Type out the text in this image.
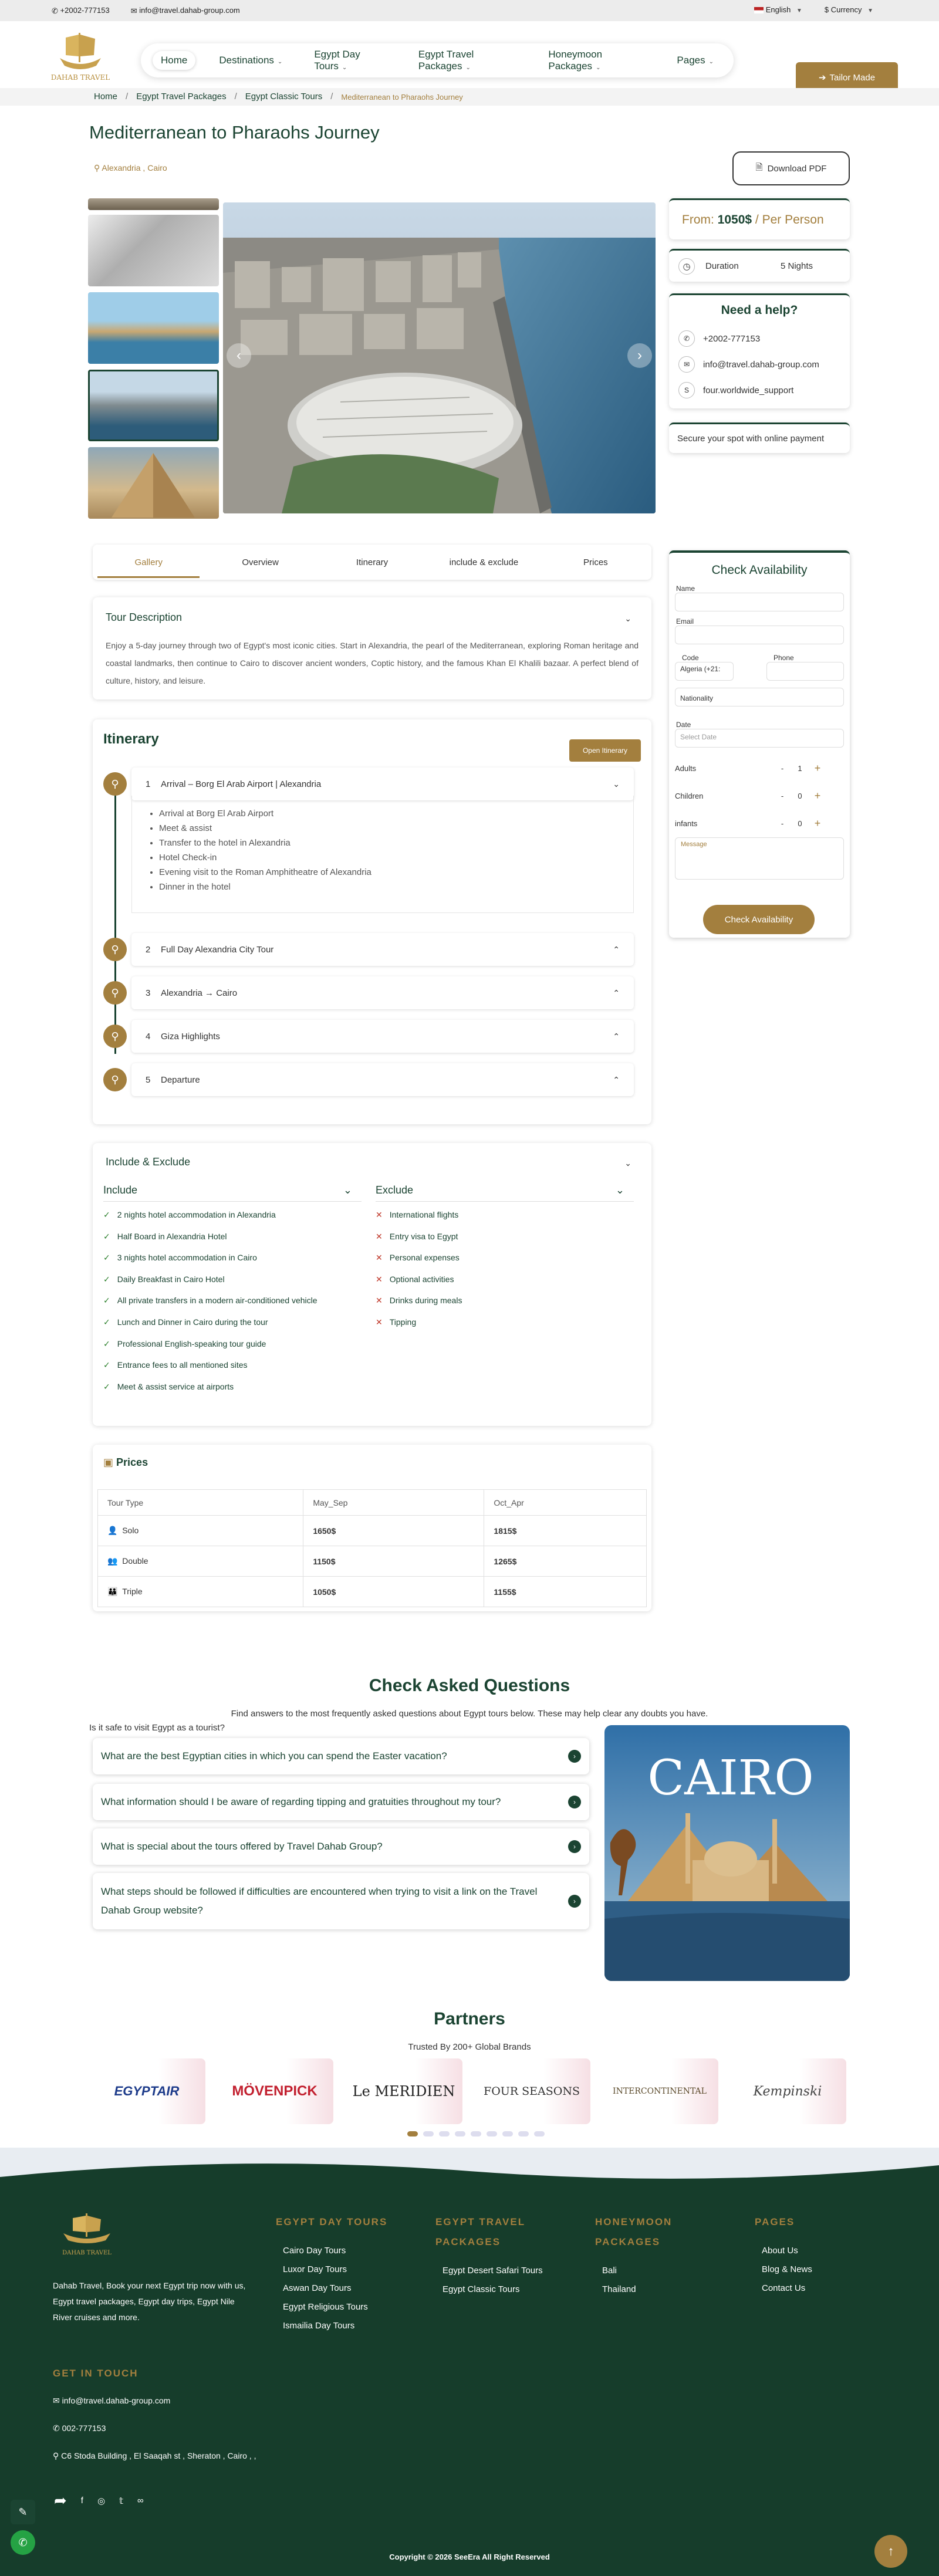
✆ +2002-777153	✉ info@travel.dahab-group.com	English ▼	$ Currency ▼
DAHAB TRAVEL
Home	Destinations ⌄
Egypt Day Tours ⌄
Egypt Travel Packages ⌄
Honeymoon Packages ⌄
Pages ⌄
➔ Tailor Made
Home / Egypt Travel Packages / Egypt Classic Tours / Mediterranean to Pharaohs Journey
Mediterranean to Pharaohs Journey
⚲ Alexandria , Cairo	🗎 Download PDF
‹	›
From:
1050$
/ Per Person
◷	Duration	5 Nights
Need a help?
✆	+2002-777153
✉	info@travel.dahab-group.com
S	four.worldwide_support
Secure your spot with online payment
Gallery	Overview	Itinerary	include & exclude	Prices
Check Availability
Name
Email
Code
Algeria (+21:
Phone
Nationality
Date
Select Date
Adults	-	1	+
Children	-	0	+
infants	-	0	+
Message
Check Availability
Tour Description	⌄

Enjoy a 5-day journey through two of Egypt's most iconic cities. Start in Alexandria, the pearl of the Mediterranean, exploring Roman heritage and coastal landmarks, then continue to Cairo to discover ancient wonders, Coptic history, and the famous Khan El Khalili bazaar. A perfect blend of culture, history, and leisure.

Itinerary
Open Itinerary
⚲	1	Arrival – Borg El Arab Airport | Alexandria	⌄
• Arrival at Borg El Arab Airport
• Meet & assist
• Transfer to the hotel in Alexandria
• Hotel Check-in
• Evening visit to the Roman Amphitheatre of Alexandria
• Dinner in the hotel
⚲	2	Full Day Alexandria City Tour	⌃
⚲	3	Alexandria → Cairo	⌃
⚲	4	Giza Highlights	⌃
⚲	5	Departure	⌃
Include & Exclude	⌄
Include	⌄
✓ 2 nights hotel accommodation in Alexandria
✓ Half Board in Alexandria Hotel
✓ 3 nights hotel accommodation in Cairo
✓ Daily Breakfast in Cairo Hotel
✓ All private transfers in a modern air-conditioned vehicle
✓ Lunch and Dinner in Cairo during the tour
✓ Professional English-speaking tour guide
✓ Entrance fees to all mentioned sites
✓ Meet & assist service at airports
Exclude	⌄
✕ International flights
✕ Entry visa to Egypt
✕ Personal expenses
✕ Optional activities
✕ Drinks during meals
✕ Tipping
▣ Prices
Tour Type	May_Sep	Oct_Apr
👤 Solo	1650$	1815$
👥 Double	1150$	1265$
👪 Triple	1050$	1155$
Check Asked Questions
Find answers to the most frequently asked questions about Egypt tours below. These may help clear any doubts you have.
Is it safe to visit Egypt as a tourist?
What are the best Egyptian cities in which you can spend the Easter vacation?	›
What information should I be aware of regarding tipping and gratuities throughout my tour?	›
What is special about the tours offered by Travel Dahab Group?	›
What steps should be followed if difficulties are encountered when trying to visit a link on the Travel Dahab Group website?
›
CAIRO
Partners
Trusted By 200+ Global Brands
EGYPTAIR	MÖVENPICK	Le MERIDIEN	FOUR SEASONS	INTERCONTINENTAL	Kempinski
DAHAB TRAVEL
Dahab Travel, Book your next Egypt trip now with us, Egypt travel packages, Egypt day trips, Egypt Nile River cruises and more.
EGYPT DAY TOURS
Cairo Day Tours
Luxor Day Tours
Aswan Day Tours
Egypt Religious Tours
Ismailia Day Tours
EGYPT TRAVEL PACKAGES
Egypt Desert Safari Tours
Egypt Classic Tours
HONEYMOON PACKAGES
Bali
Thailand
PAGES
About Us
Blog & News
Contact Us
GET IN TOUCH
✉ info@travel.dahab-group.com
✆ 002-777153
⚲ C6 Stoda Building , El Saaqah st , Sheraton , Cairo , ,
➦ f ◎ 𝕥 ∞
Copyright © 2026 SeeEra All Right Reserved	↑
✆
✎
